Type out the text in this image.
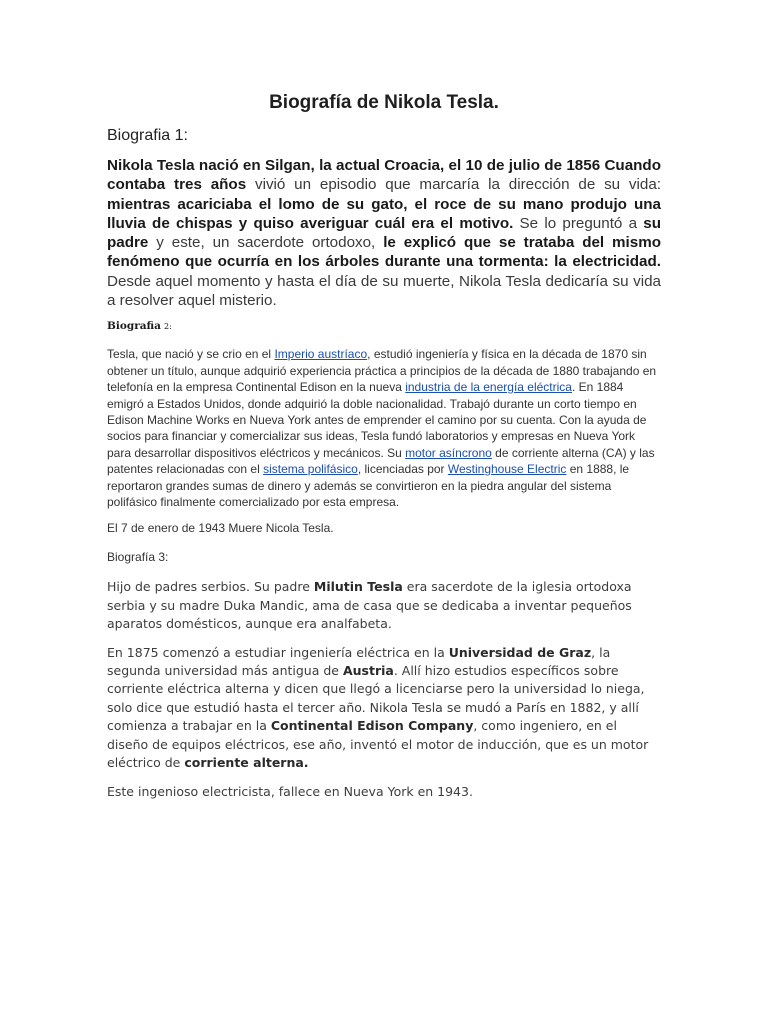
Biografía de Nikola Tesla.
Biografia 1:

Nikola Tesla nació en Silgan, la actual Croacia, el 10 de julio de 1856 Cuando contaba tres años vivió un episodio que marcaría la dirección de su vida: mientras acariciaba el lomo de su gato, el roce de su mano produjo una lluvia de chispas y quiso averiguar cuál era el motivo. Se lo preguntó a su padre y este, un sacerdote ortodoxo, le explicó que se trataba del mismo fenómeno que ocurría en los árboles durante una tormenta: la electricidad. Desde aquel momento y hasta el día de su muerte, Nikola Tesla dedicaría su vida a resolver aquel misterio.

Biografia 2:

Tesla, que nació y se crio en el Imperio austríaco, estudió ingeniería y física en la década de 1870 sin obtener un título, aunque adquirió experiencia práctica a principios de la década de 1880 trabajando en telefonía en la empresa Continental Edison en la nueva industria de la energía eléctrica. En 1884 emigró a Estados Unidos, donde adquirió la doble nacionalidad. Trabajó durante un corto tiempo en Edison Machine Works en Nueva York antes de emprender el camino por su cuenta. Con la ayuda de socios para financiar y comercializar sus ideas, Tesla fundó laboratorios y empresas en Nueva York para desarrollar dispositivos eléctricos y mecánicos. Su motor asíncrono de corriente alterna (CA) y las patentes relacionadas con el sistema polifásico, licenciadas por Westinghouse Electric en 1888, le reportaron grandes sumas de dinero y además se convirtieron en la piedra angular del sistema polifásico finalmente comercializado por esta empresa.

El 7 de enero de 1943 Muere Nicola Tesla.

Biografía 3:

Hijo de padres serbios. Su padre Milutin Tesla era sacerdote de la iglesia ortodoxa serbia y su madre Duka Mandic, ama de casa que se dedicaba a inventar pequeños aparatos domésticos, aunque era analfabeta.

En 1875 comenzó a estudiar ingeniería eléctrica en la Universidad de Graz, la segunda universidad más antigua de Austria. Allí hizo estudios específicos sobre corriente eléctrica alterna y dicen que llegó a licenciarse pero la universidad lo niega, solo dice que estudió hasta el tercer año. Nikola Tesla se mudó a París en 1882, y allí comienza a trabajar en la Continental Edison Company, como ingeniero, en el diseño de equipos eléctricos, ese año, inventó el motor de inducción, que es un motor eléctrico de corriente alterna.

Este ingenioso electricista, fallece en Nueva York en 1943.
